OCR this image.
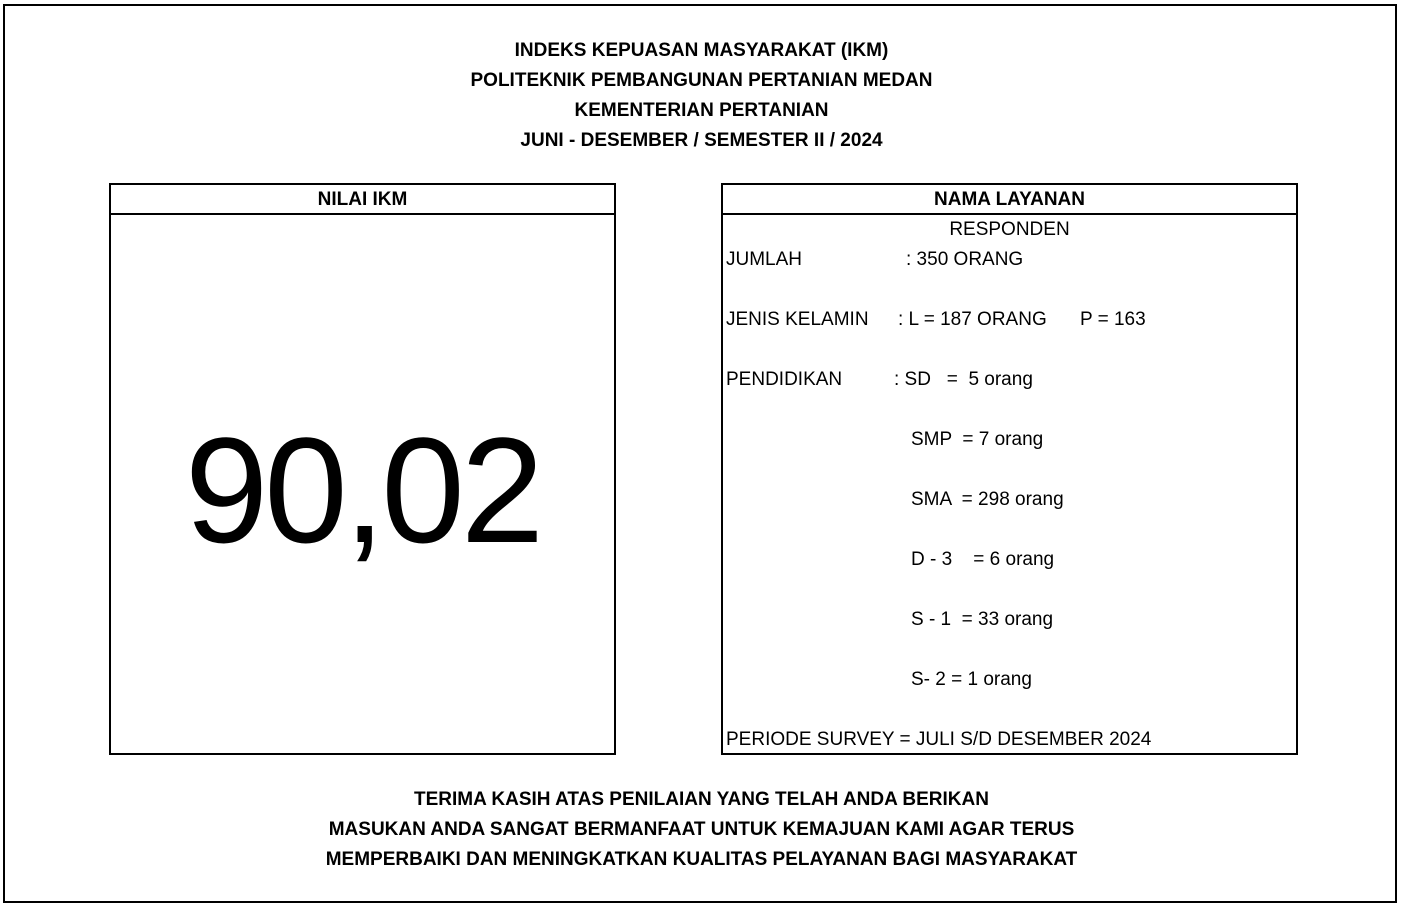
INDEKS KEPUASAN MASYARAKAT (IKM)
POLITEKNIK PEMBANGUNAN PERTANIAN MEDAN
KEMENTERIAN PERTANIAN
JUNI - DESEMBER / SEMESTER II / 2024
NILAI IKM
90,02
NAMA LAYANAN
RESPONDEN
JUMLAH	: 350 ORANG
JENIS KELAMIN : L = 187 ORANG P = 163
PENDIDIKAN	: SD   =  5 orang
SMP  = 7 orang
SMA  = 298 orang
D - 3    = 6 orang
S - 1  = 33 orang
S- 2 = 1 orang
PERIODE SURVEY = JULI S/D DESEMBER 2024
TERIMA KASIH ATAS PENILAIAN YANG TELAH ANDA BERIKAN
MASUKAN ANDA SANGAT BERMANFAAT UNTUK KEMAJUAN KAMI AGAR TERUS
MEMPERBAIKI DAN MENINGKATKAN KUALITAS PELAYANAN BAGI MASYARAKAT
